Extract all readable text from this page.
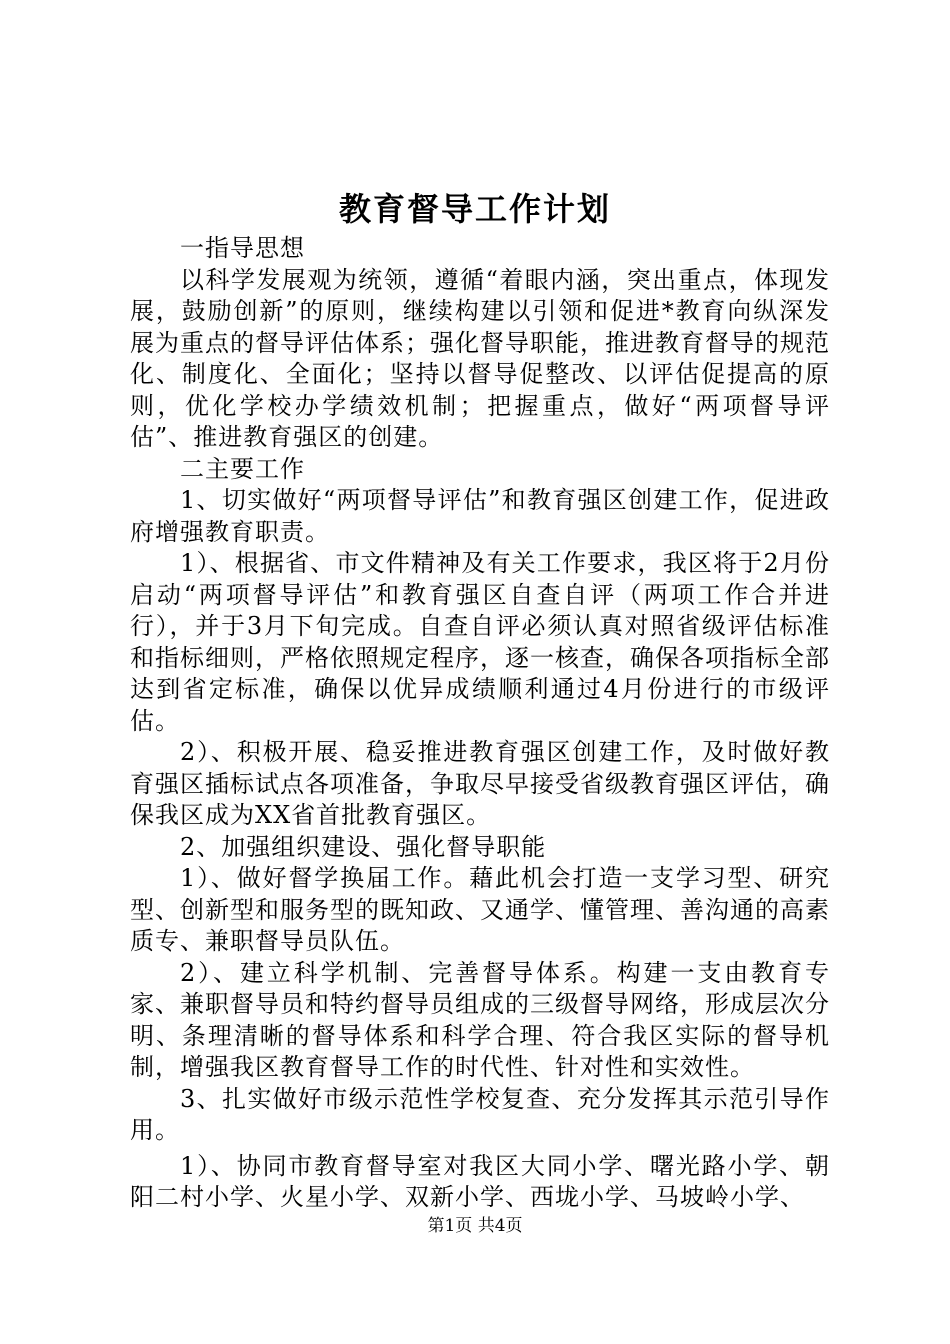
教育督导工作计划

一指导思想

以科学发展观为统领，遵循“着眼内涵，突出重点，体现发展，鼓励创新”的原则，继续构建以引领和促进*教育向纵深发展为重点的督导评估体系；强化督导职能，推进教育督导的规范化、制度化、全面化；坚持以督导促整改、以评估促提高的原则，优化学校办学绩效机制；把握重点，做好“两项督导评估”、推进教育强区的创建。

二主要工作

1、切实做好“两项督导评估”和教育强区创建工作，促进政府增强教育职责。

1）、根据省、市文件精神及有关工作要求，我区将于2月份启动“两项督导评估”和教育强区自查自评（两项工作合并进行），并于3月下旬完成。自查自评必须认真对照省级评估标准和指标细则，严格依照规定程序，逐一核查，确保各项指标全部达到省定标准，确保以优异成绩顺利通过4月份进行的市级评估。

2）、积极开展、稳妥推进教育强区创建工作，及时做好教育强区插标试点各项准备，争取尽早接受省级教育强区评估，确保我区成为XX省首批教育强区。

2、加强组织建设、强化督导职能

1）、做好督学换届工作。藉此机会打造一支学习型、研究型、创新型和服务型的既知政、又通学、懂管理、善沟通的高素质专、兼职督导员队伍。

2）、建立科学机制、完善督导体系。构建一支由教育专家、兼职督导员和特约督导员组成的三级督导网络，形成层次分明、条理清晰的督导体系和科学合理、符合我区实际的督导机制，增强我区教育督导工作的时代性、针对性和实效性。

3、扎实做好市级示范性学校复查、充分发挥其示范引导作用。

1）、协同市教育督导室对我区大同小学、曙光路小学、朝阳二村小学、火星小学、双新小学、西垅小学、马坡岭小学、

第1页 共4页
